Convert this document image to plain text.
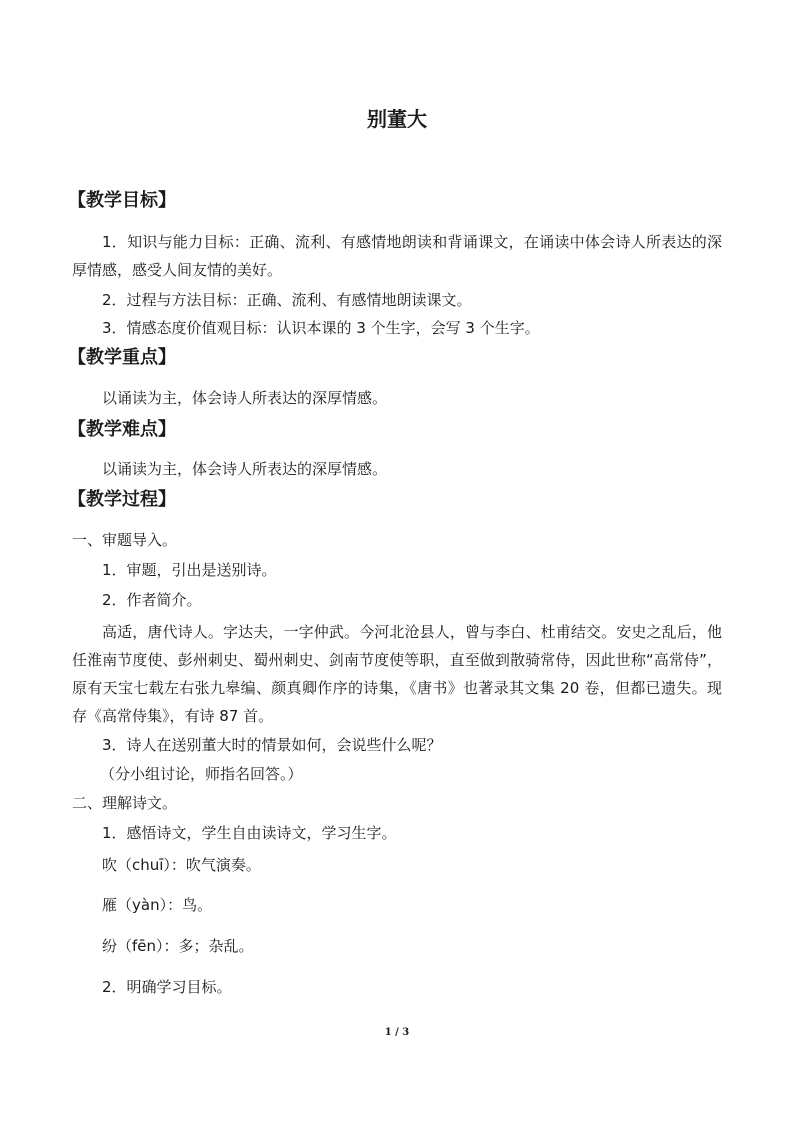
别董大
【教学目标】
1．知识与能力目标：正确、流利、有感情地朗读和背诵课文，在诵读中体会诗人所表达的深厚情感，感受人间友情的美好。
2．过程与方法目标：正确、流利、有感情地朗读课文。
3．情感态度价值观目标：认识本课的 3 个生字，会写 3 个生字。
【教学重点】
以诵读为主，体会诗人所表达的深厚情感。
【教学难点】
以诵读为主，体会诗人所表达的深厚情感。
【教学过程】
一、审题导入。
1．审题，引出是送别诗。
2．作者简介。
高适，唐代诗人。字达夫，一字仲武。今河北沧县人，曾与李白、杜甫结交。安史之乱后，他任淮南节度使、彭州刺史、蜀州刺史、剑南节度使等职，直至做到散骑常侍，因此世称“高常侍”，原有天宝七载左右张九皋编、颜真卿作序的诗集，《唐书》也著录其文集 20 卷，但都已遗失。现存《高常侍集》，有诗 87 首。
3．诗人在送别董大时的情景如何，会说些什么呢？
（分小组讨论，师指名回答。）
二、理解诗文。
1．感悟诗文，学生自由读诗文，学习生字。
吹（chuī）：吹气演奏。
雁（yàn）：鸟。
纷（fēn）：多；杂乱。
2．明确学习目标。
1 / 3
